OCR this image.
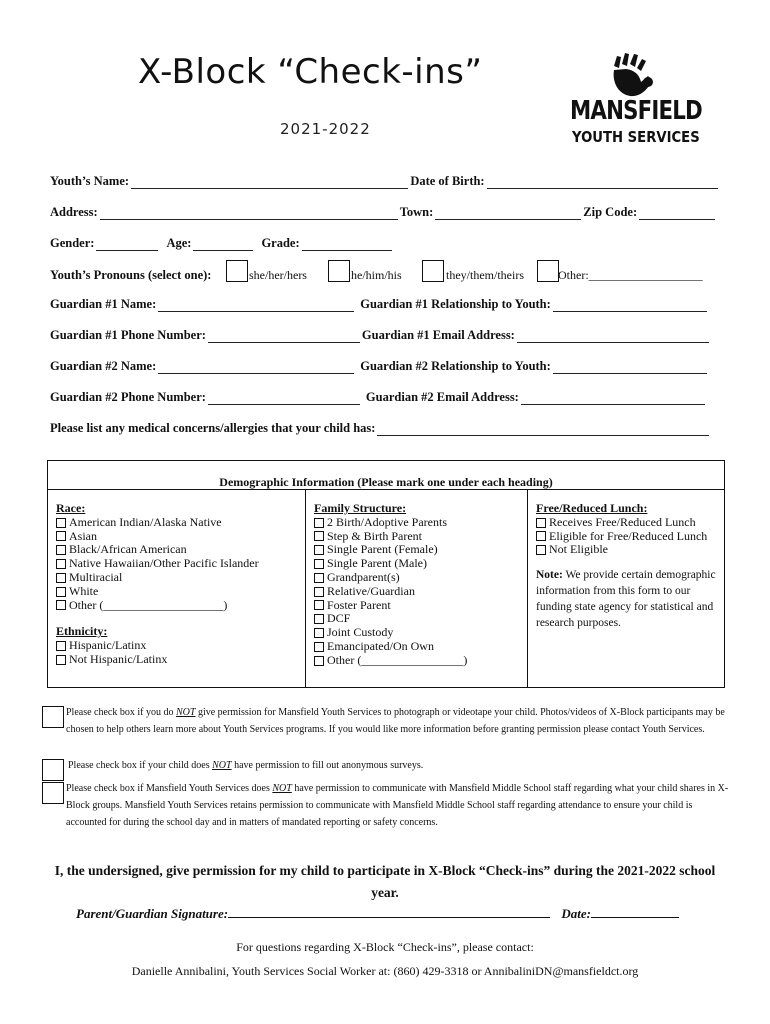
X-Block “Check-ins”
2021-2022
MANSFIELD
YOUTH SERVICES
Youth’s Name:	Date of Birth:
Address:	Town:	Zip Code:
Gender:	Age:	Grade:
Youth’s Pronouns (select one):	she/her/hers	he/him/his	they/them/theirs	Other:___________________
Guardian #1 Name:	Guardian #1 Relationship to Youth:
Guardian #1 Phone Number:	Guardian #1 Email Address:
Guardian #2 Name:	Guardian #2 Relationship to Youth:
Guardian #2 Phone Number:	Guardian #2 Email Address:
Please list any medical concerns/allergies that your child has:
Demographic Information (Please mark one under each heading)
Race:
American Indian/Alaska Native
Asian
Black/African American
Native Hawaiian/Other Pacific Islander
Multiracial
White
Other (____________________)
Ethnicity:
Hispanic/Latinx
Not Hispanic/Latinx
Family Structure:
2 Birth/Adoptive Parents
Step & Birth Parent
Single Parent (Female)
Single Parent (Male)
Grandparent(s)
Relative/Guardian
Foster Parent
DCF
Joint Custody
Emancipated/On Own
Other (_________________)
Free/Reduced Lunch:
Receives Free/Reduced Lunch
Eligible for Free/Reduced Lunch
Not Eligible
Note: We provide certain demographic information from this form to our funding state agency for statistical and research purposes.
Please check box if you do NOT give permission for Mansfield Youth Services to photograph or videotape your child. Photos/videos of X-Block participants may be chosen to help others learn more about Youth Services programs. If you would like more information before granting permission please contact Youth Services.
Please check box if your child does NOT have permission to fill out anonymous surveys.
Please check box if Mansfield Youth Services does NOT have permission to communicate with Mansfield Middle School staff regarding what your child shares in X-Block groups. Mansfield Youth Services retains permission to communicate with Mansfield Middle School staff regarding attendance to ensure your child is accounted for during the school day and in matters of mandated reporting or safety concerns.
I, the undersigned, give permission for my child to participate in X-Block “Check-ins” during the 2021-2022 school year.
Parent/Guardian Signature:	Date:
For questions regarding X-Block “Check-ins”, please contact:
Danielle Annibalini, Youth Services Social Worker at: (860) 429-3318 or AnnibaliniDN@mansfieldct.org
